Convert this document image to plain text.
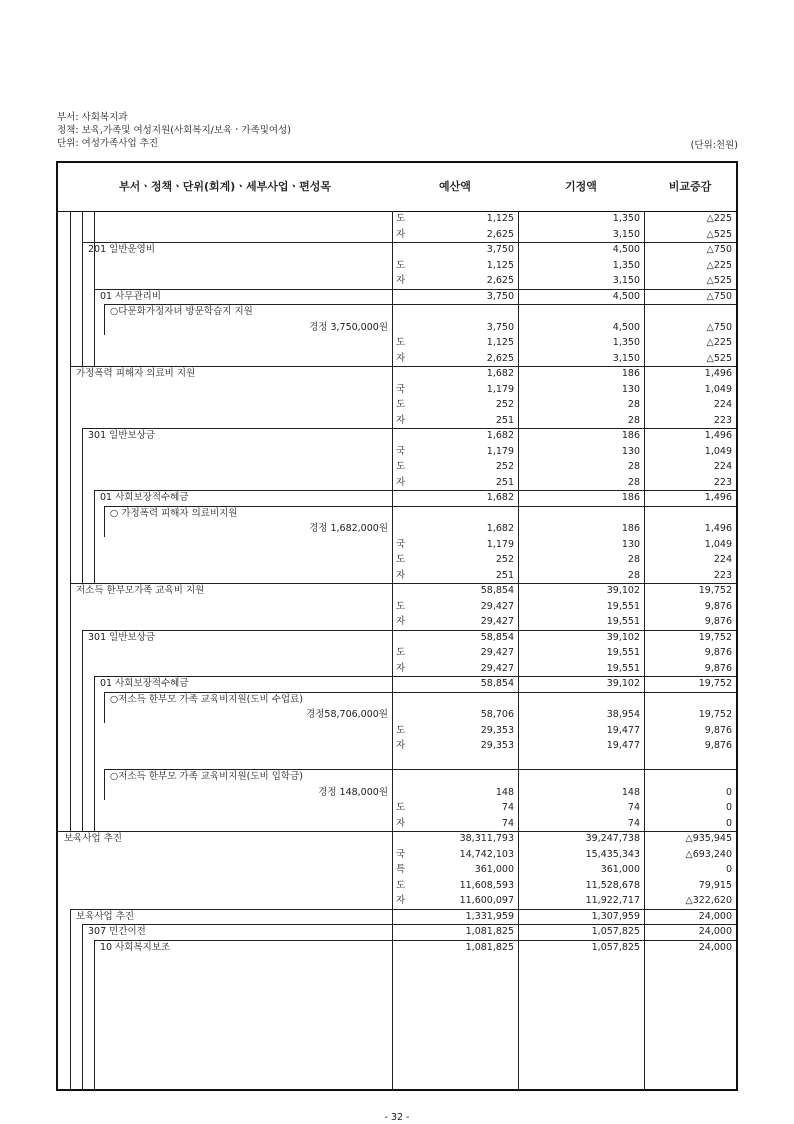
부서: 사회복지과
정책: 보육,가족및 여성지원(사회복지/보육ㆍ가족및여성)
단위: 여성가족사업 추진	(단위:천원)
부서ㆍ정책ㆍ단위(회계)ㆍ세부사업ㆍ편성목	예산액	기정액	비교증감
도	1,125	1,350	△225
자	2,625	3,150	△525
201 일반운영비	3,750	4,500	△750
도	1,125	1,350	△225
자	2,625	3,150	△525
01 사무관리비	3,750	4,500	△750
○다문화가정자녀 방문학습지 지원
경정 3,750,000원	3,750	4,500	△750
도	1,125	1,350	△225
자	2,625	3,150	△525
가정폭력 피해자 의료비 지원	1,682	186	1,496
국	1,179	130	1,049
도	252	28	224
자	251	28	223
301 일반보상금	1,682	186	1,496
국	1,179	130	1,049
도	252	28	224
자	251	28	223
01 사회보장적수혜금	1,682	186	1,496
○ 가정폭력 피해자 의료비지원
경정 1,682,000원	1,682	186	1,496
국	1,179	130	1,049
도	252	28	224
자	251	28	223
저소득 한부모가족 교육비 지원	58,854	39,102	19,752
도	29,427	19,551	9,876
자	29,427	19,551	9,876
301 일반보상금	58,854	39,102	19,752
도	29,427	19,551	9,876
자	29,427	19,551	9,876
01 사회보장적수혜금	58,854	39,102	19,752
○저소득 한부모 가족 교육비지원(도비 수업료)
경정58,706,000원	58,706	38,954	19,752
도	29,353	19,477	9,876
자	29,353	19,477	9,876
○저소득 한부모 가족 교육비지원(도비 입학금)
경정 148,000원	148	148	0
도	74	74	0
자	74	74	0
보육사업 추진	38,311,793	39,247,738	△935,945
국	14,742,103	15,435,343	△693,240
특	361,000	361,000	0
도	11,608,593	11,528,678	79,915
자	11,600,097	11,922,717	△322,620
보육사업 추진	1,331,959	1,307,959	24,000
307 민간이전	1,081,825	1,057,825	24,000
10 사회복지보조	1,081,825	1,057,825	24,000
- 32 -
